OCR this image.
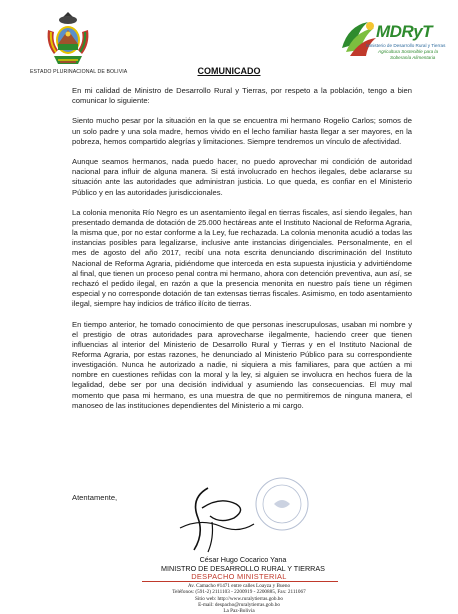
ESTADO PLURINACIONAL DE BOLIVIA
MDRyT
Ministerio de Desarrollo Rural y Tierras
Agricultura Sostenible para la
Soberanía Alimentaria
COMUNICADO

En mi calidad de Ministro de Desarrollo Rural y Tierras, por respeto a la población, tengo a bien comunicar lo siguiente:

Siento mucho pesar por la situación en la que se encuentra mi hermano Rogelio Carlos; somos de un solo padre y una sola madre, hemos vivido en el lecho familiar hasta llegar a ser mayores, en la pobreza, hemos compartido alegrías y limitaciones. Siempre tendremos un vínculo de afectividad.

Aunque seamos hermanos, nada puedo hacer, no puedo aprovechar mi condición de autoridad nacional para influir de alguna manera. Si está involucrado en hechos ilegales, debe aclararse su situación ante las autoridades que administran justicia. Lo que queda, es confiar en el Ministerio Público y en las autoridades jurisdiccionales.

La colonia menonita Río Negro es un asentamiento ilegal en tierras fiscales, así siendo ilegales, han presentado demanda de dotación de 25.000 hectáreas ante el Instituto Nacional de Reforma Agraria, la misma que, por no estar conforme a la Ley, fue rechazada. La colonia menonita acudió a todas las instancias posibles para legalizarse, inclusive ante instancias dirigenciales. Personalmente, en el mes de agosto del año 2017, recibí una nota escrita denunciando discriminación del Instituto Nacional de Reforma Agraria, pidiéndome que interceda en esta supuesta injusticia y advirtiéndome al final, que tienen un proceso penal contra mi hermano, ahora con detención preventiva, aun así, se rechazó el pedido ilegal, en razón a que la presencia menonita en nuestro país tiene un régimen especial y no corresponde dotación de tan extensas tierras fiscales. Asimismo, en todo asentamiento ilegal, siempre hay indicios de tráfico ilícito de tierras.

En tiempo anterior, he tomado conocimiento de que personas inescrupulosas, usaban mi nombre y el prestigio de otras autoridades para aprovecharse ilegalmente, haciendo creer que tienen influencias al interior del Ministerio de Desarrollo Rural y Tierras y en el Instituto Nacional de Reforma Agraria, por estas razones, he denunciado al Ministerio Público para su correspondiente investigación. Nunca he autorizado a nadie, ni siquiera a mis familiares, para que actúen a mi nombre en cuestiones reñidas con la moral y la ley, si alguien se involucra en hechos fuera de la legalidad, debe ser por una decisión individual y asumiendo las consecuencias. El muy mal momento que pasa mi hermano, es una muestra de que no permitiremos de ninguna manera, el manoseo de las instituciones dependientes del Ministerio a mi cargo.

Atentamente,
César Hugo Cocarico Yana
MINISTRO DE DESARROLLO RURAL Y TIERRAS
DESPACHO MINISTERIAL
Av. Camacho #1471 entre calles Loayza y Bueno
Teléfonos: (591-2) 2111103 - 2200919 - 2200885, Fax: 2111067
Sitio web: http://www.ruralytierras.gob.bo
E-mail: despacho@ruralytierras.gob.bo
La Paz-Bolivia
